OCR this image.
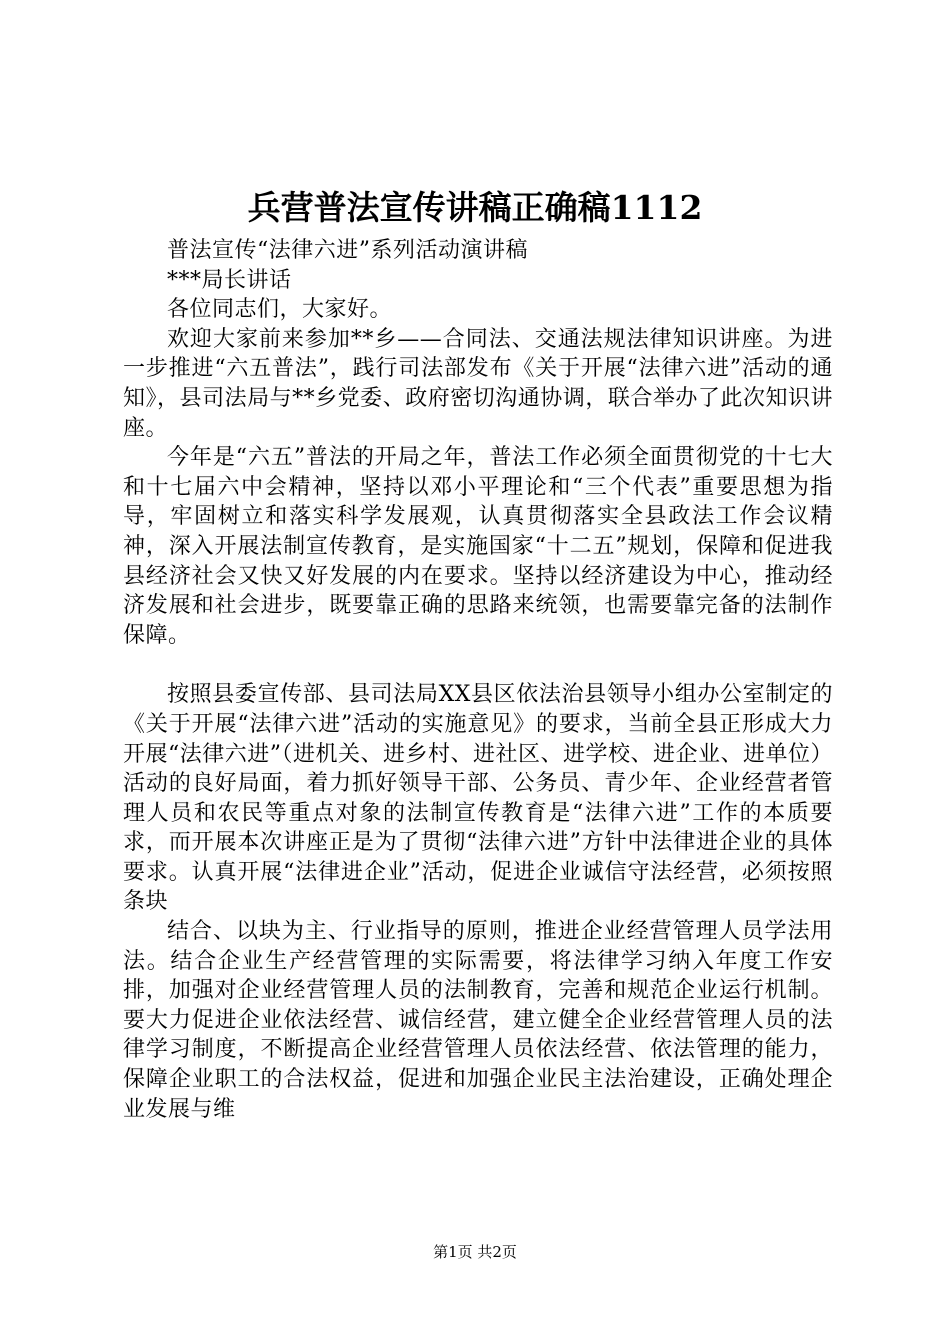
兵营普法宣传讲稿正确稿1112

普法宣传“法律六进”系列活动演讲稿

***局长讲话

各位同志们，大家好。

欢迎大家前来参加**乡——合同法、交通法规法律知识讲座。为进一步推进“六五普法”，践行司法部发布《关于开展“法律六进”活动的通知》，县司法局与**乡党委、政府密切沟通协调，联合举办了此次知识讲座。

今年是“六五”普法的开局之年，普法工作必须全面贯彻党的十七大和十七届六中会精神，坚持以邓小平理论和“三个代表”重要思想为指导，牢固树立和落实科学发展观，认真贯彻落实全县政法工作会议精神，深入开展法制宣传教育，是实施国家“十二五”规划，保障和促进我县经济社会又快又好发展的内在要求。坚持以经济建设为中心，推动经济发展和社会进步，既要靠正确的思路来统领，也需要靠完备的法制作保障。

按照县委宣传部、县司法局XX县区依法治县领导小组办公室制定的《关于开展“法律六进”活动的实施意见》的要求，当前全县正形成大力开展“法律六进”（进机关、进乡村、进社区、进学校、进企业、进单位）活动的良好局面，着力抓好领导干部、公务员、青少年、企业经营者管理人员和农民等重点对象的法制宣传教育是“法律六进”工作的本质要求，而开展本次讲座正是为了贯彻“法律六进”方针中法律进企业的具体要求。认真开展“法律进企业”活动，促进企业诚信守法经营，必须按照条块

结合、以块为主、行业指导的原则，推进企业经营管理人员学法用法。结合企业生产经营管理的实际需要，将法律学习纳入年度工作安排，加强对企业经营管理人员的法制教育，完善和规范企业运行机制。要大力促进企业依法经营、诚信经营，建立健全企业经营管理人员的法律学习制度，不断提高企业经营管理人员依法经营、依法管理的能力，保障企业职工的合法权益，促进和加强企业民主法治建设，正确处理企业发展与维

第1页 共2页
